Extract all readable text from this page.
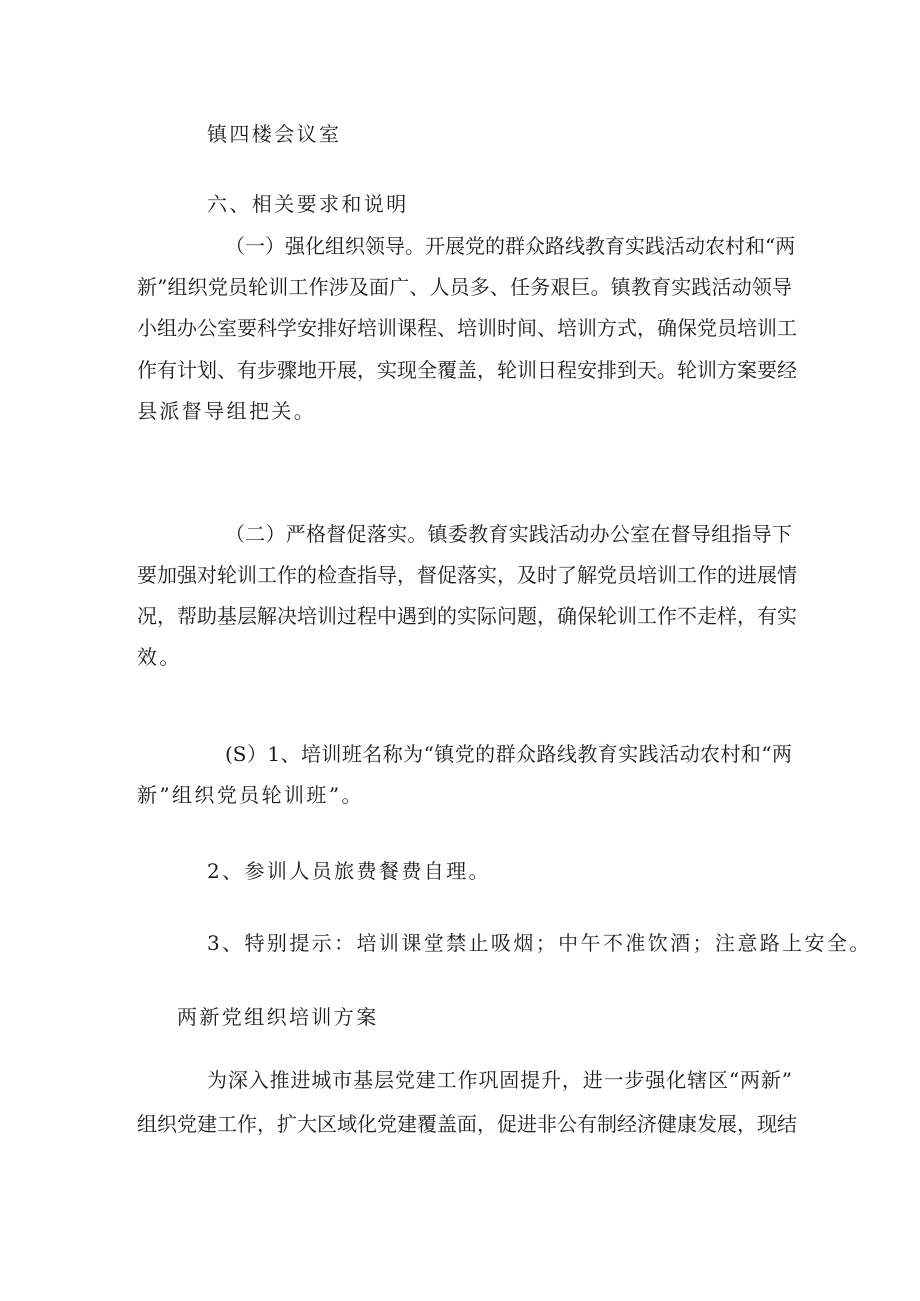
镇四楼会议室
六、相关要求和说明
（一）强化组织领导。开展党的群众路线教育实践活动农村和“两
新”组织党员轮训工作涉及面广、人员多、任务艰巨。镇教育实践活动领导
小组办公室要科学安排好培训课程、培训时间、培训方式，确保党员培训工
作有计划、有步骤地开展，实现全覆盖，轮训日程安排到天。轮训方案要经
县派督导组把关。
（二）严格督促落实。镇委教育实践活动办公室在督导组指导下
要加强对轮训工作的检查指导，督促落实，及时了解党员培训工作的进展情
况，帮助基层解决培训过程中遇到的实际问题，确保轮训工作不走样，有实
效。
(S）1、培训班名称为“镇党的群众路线教育实践活动农村和“两
新”组织党员轮训班”。
2、参训人员旅费餐费自理。
3、特别提示：培训课堂禁止吸烟；中午不准饮酒；注意路上安全。
两新党组织培训方案
为深入推进城市基层党建工作巩固提升，进一步强化辖区“两新”
组织党建工作，扩大区域化党建覆盖面，促进非公有制经济健康发展，现结
